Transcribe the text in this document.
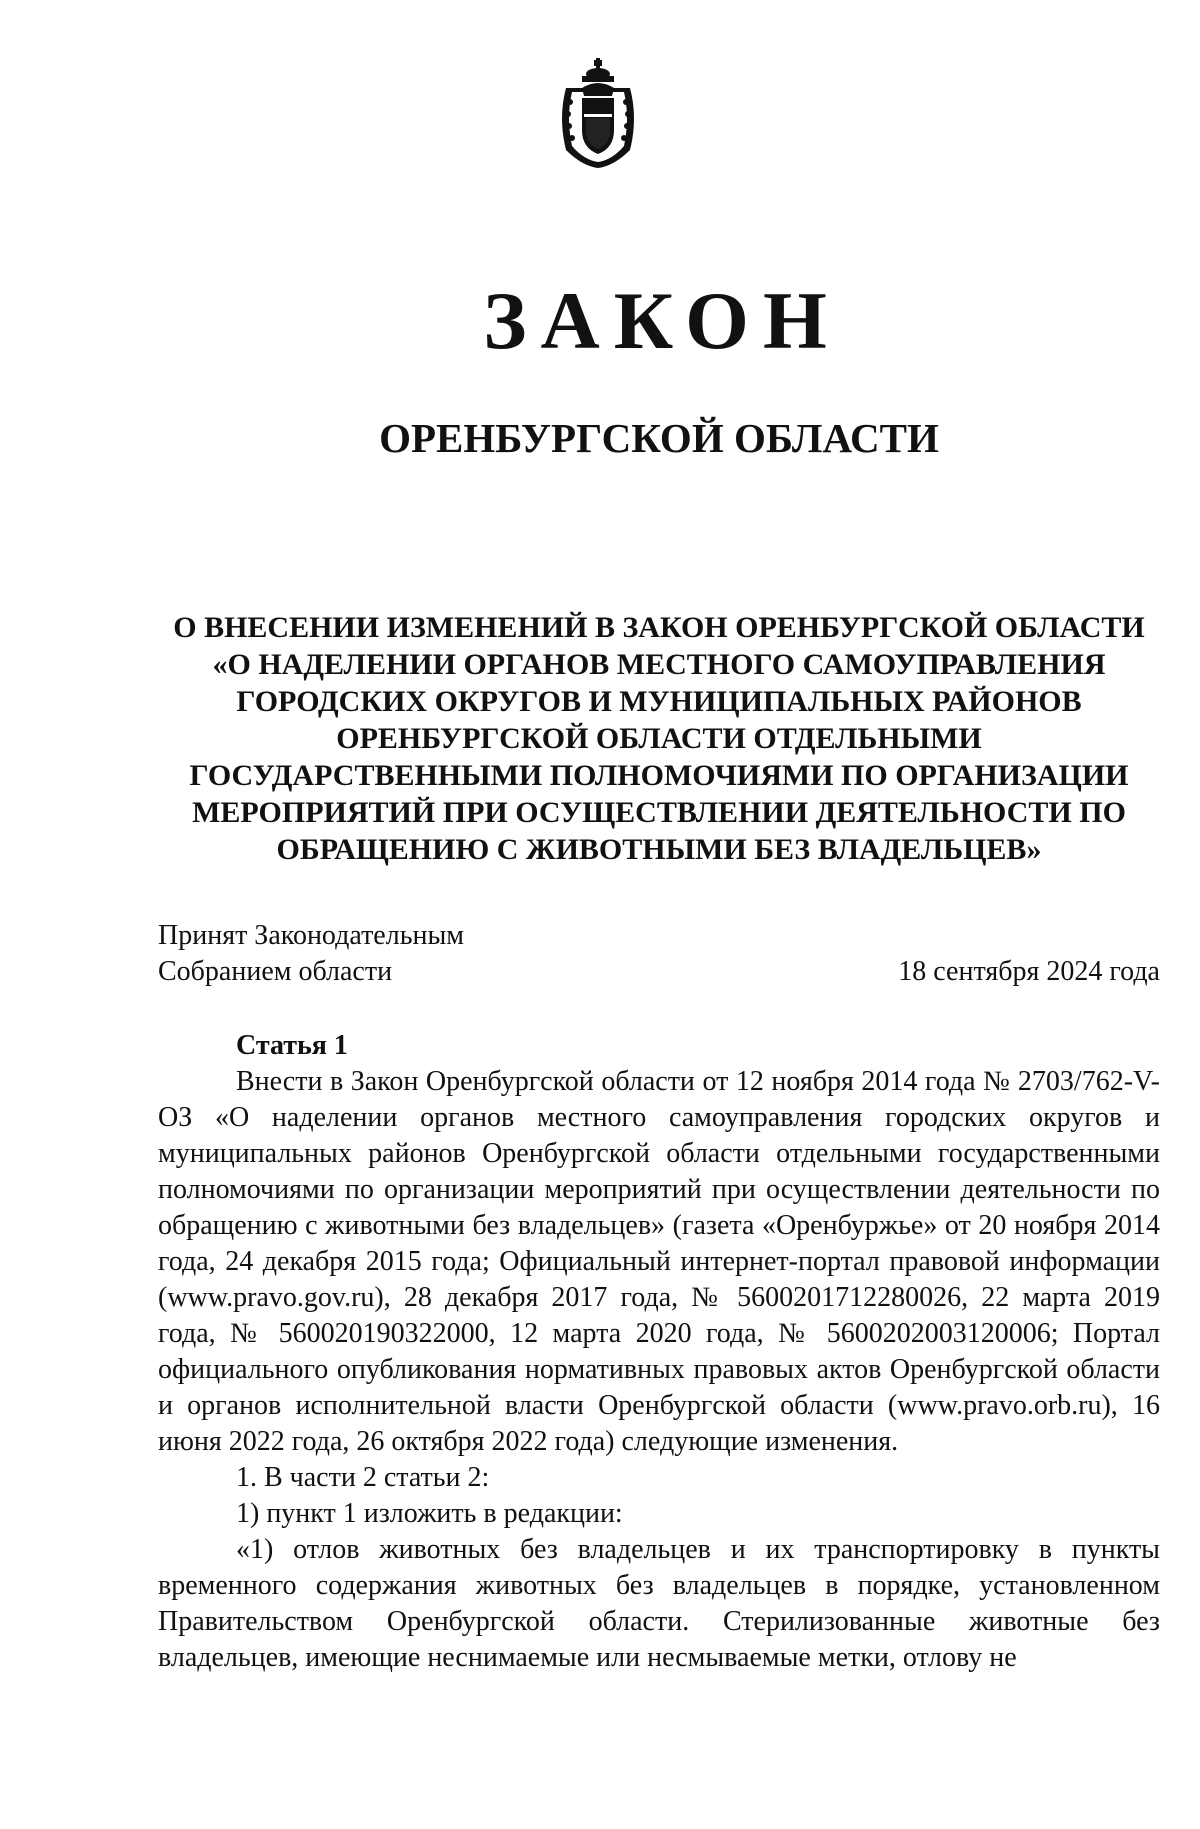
ЗАКОН
ОРЕНБУРГСКОЙ ОБЛАСТИ
О ВНЕСЕНИИ ИЗМЕНЕНИЙ В ЗАКОН ОРЕНБУРГСКОЙ ОБЛАСТИ
«О НАДЕЛЕНИИ ОРГАНОВ МЕСТНОГО САМОУПРАВЛЕНИЯ
ГОРОДСКИХ ОКРУГОВ И МУНИЦИПАЛЬНЫХ РАЙОНОВ
ОРЕНБУРГСКОЙ ОБЛАСТИ ОТДЕЛЬНЫМИ
ГОСУДАРСТВЕННЫМИ ПОЛНОМОЧИЯМИ ПО ОРГАНИЗАЦИИ
МЕРОПРИЯТИЙ ПРИ ОСУЩЕСТВЛЕНИИ ДЕЯТЕЛЬНОСТИ ПО
ОБРАЩЕНИЮ С ЖИВОТНЫМИ БЕЗ ВЛАДЕЛЬЦЕВ»
Принят Законодательным
Собранием области	18 сентября 2024 года
Статья 1

Внести в Закон Оренбургской области от 12 ноября 2014 года № 2703/762-V-ОЗ «О наделении органов местного самоуправления городских округов и муниципальных районов Оренбургской области отдельными государственными полномочиями по организации мероприятий при осуществлении деятельности по обращению с животными без владельцев» (газета «Оренбуржье» от 20 ноября 2014 года, 24 декабря 2015 года; Официальный интернет-портал правовой информации (www.pravo.gov.ru), 28 декабря 2017 года, № 5600201712280026, 22 марта 2019 года, № 560020190322000, 12 марта 2020 года, № 5600202003120006; Портал официального опубликования нормативных правовых актов Оренбургской области и органов исполнительной власти Оренбургской области (www.pravo.orb.ru), 16 июня 2022 года, 26 октября 2022 года) следующие изменения.

1. В части 2 статьи 2:

1) пункт 1 изложить в редакции:

«1) отлов животных без владельцев и их транспортировку в пункты временного содержания животных без владельцев в порядке, установленном Правительством Оренбургской области. Стерилизованные животные без владельцев, имеющие неснимаемые или несмываемые метки, отлову не
